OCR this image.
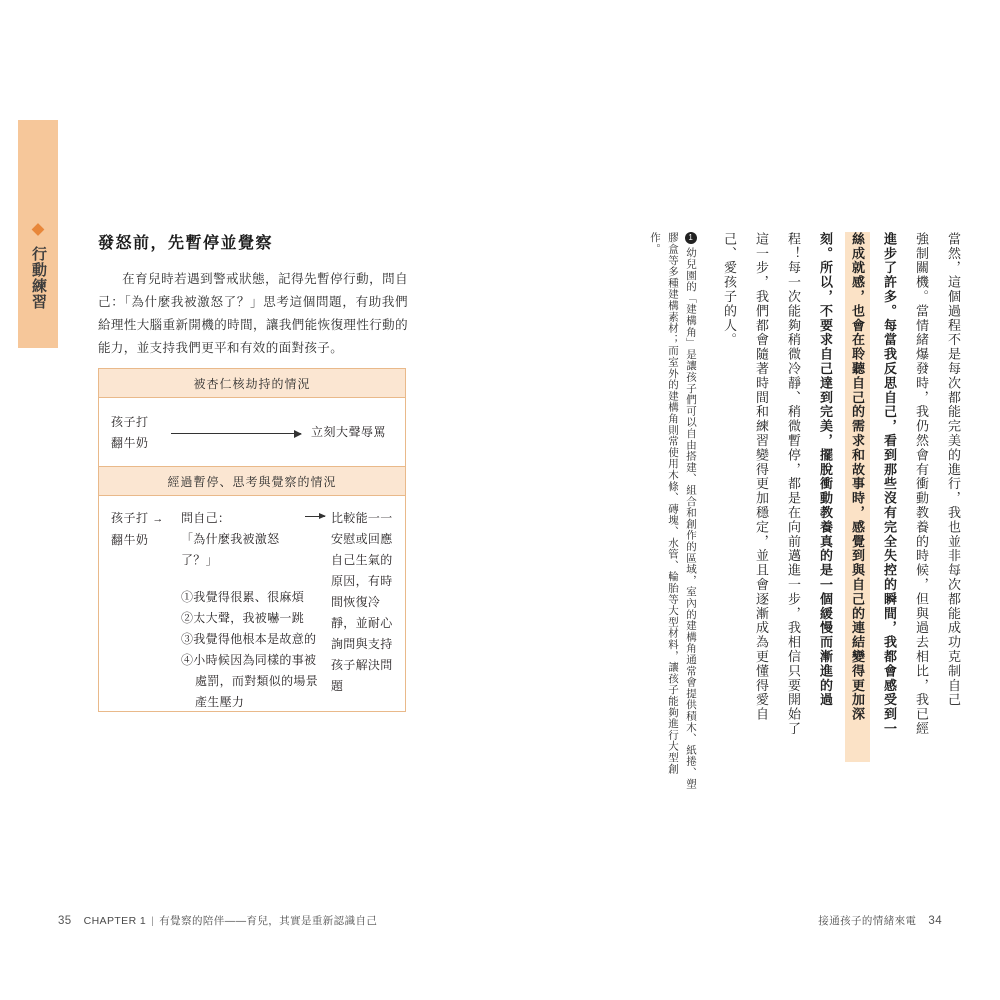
行動練習
發怒前，先暫停並覺察
在育兒時若遇到警戒狀態，記得先暫停行動，問自己：「為什麼我被激怒了？」思考這個問題，有助我們給理性大腦重新開機的時間，讓我們能恢復理性行動的能力，並支持我們更平和有效的面對孩子。
被杏仁核劫持的情況
孩子打
翻牛奶
立刻大聲辱罵
經過暫停、思考與覺察的情況
孩子打 →
翻牛奶
問自己：
「為什麼我被激怒了？」
①我覺得很累、很麻煩
②太大聲，我被嚇一跳
③我覺得他根本是故意的
④小時候因為同樣的事被
處罰，而對類似的場景
產生壓力
比較能一一安慰或回應自己生氣的原因，有時間恢復冷靜，並耐心詢問與支持孩子解決問題
35 CHAPTER 1 | 有覺察的陪伴——育兒，其實是重新認識自己
當然，這個過程不是每次都能完美的進行，我也並非每次都能成功克制自己
強制關機。當情緒爆發時，我仍然會有衝動教養的時候，但與過去相比，我已經
進步了許多。每當我反思自己，看到那些沒有完全失控的瞬間，我都會感受到一
絲成就感，也會在聆聽自己的需求和故事時，感覺到與自己的連結變得更加深
刻。所以，不要求自己達到完美，擺脫衝動教養真的是一個緩慢而漸進的過
程！每一次能夠稍微冷靜、稍微暫停，都是在向前邁進一步，我相信只要開始了
這一步，我們都會隨著時間和練習變得更加穩定，並且會逐漸成為更懂得愛自
己、愛孩子的人。
1幼兒園的「建構角」是讓孩子們可以自由搭建、組合和創作的區域，室內的建構角通常會提供積木、紙捲、塑膠盒等多種建構素材；而室外的建構角則常使用木條、磚塊、水管、輪胎等大型材料，讓孩子能夠進行大型創作。
接通孩子的情緒來電 34
